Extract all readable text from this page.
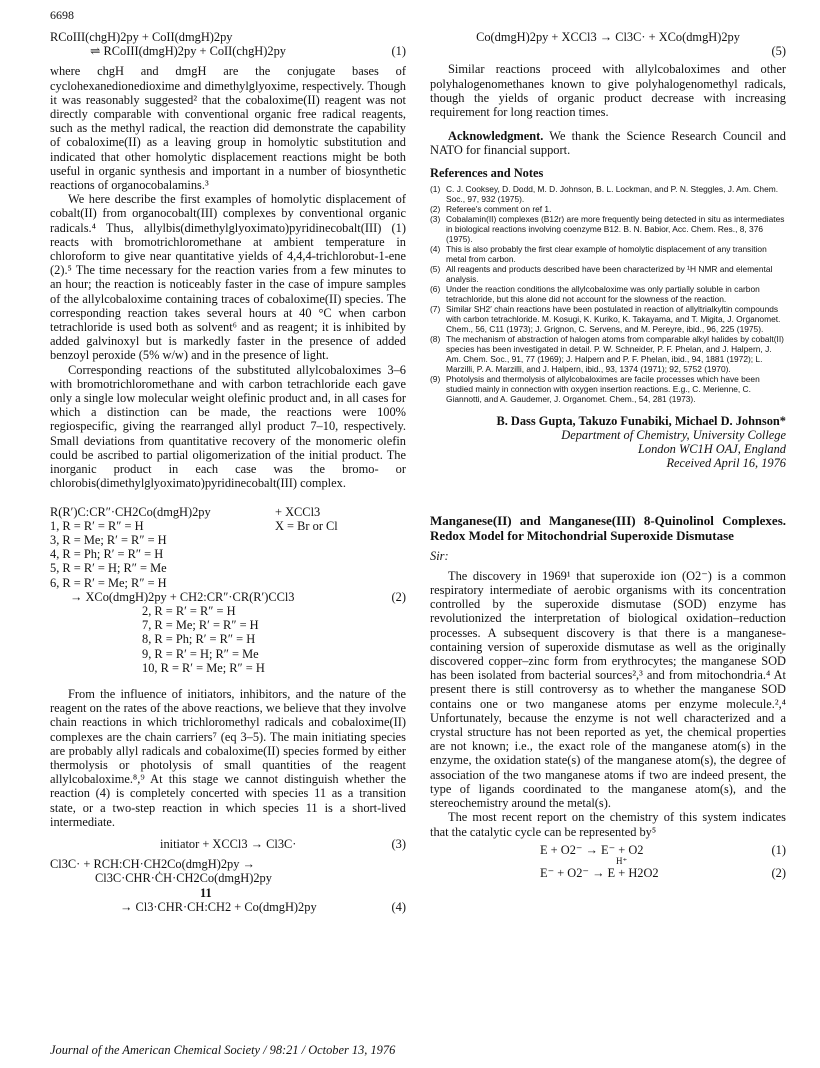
6698
RCoIII(chgH)2py + CoII(dmgH)2py
⇌ RCoIII(dmgH)2py + CoII(chgH)2py	(1)

where chgH and dmgH are the conjugate bases of cyclohexanedionedioxime and dimethylglyoxime, respectively. Though it was reasonably suggested² that the cobaloxime(II) reagent was not directly comparable with conventional organic free radical reagents, such as the methyl radical, the reaction did demonstrate the capability of cobaloxime(II) as a leaving group in homolytic substitution and indicated that other homolytic displacement reactions might be both useful in organic synthesis and important in a number of biosynthetic reactions of organocobalamins.³

We here describe the first examples of homolytic displacement of cobalt(II) from organocobalt(III) complexes by conventional organic radicals.⁴ Thus, allylbis(dimethylglyoximato)pyridinecobalt(III) (1) reacts with bromotrichloromethane at ambient temperature in chloroform to give near quantitative yields of 4,4,4-trichlorobut-1-ene (2).⁵ The time necessary for the reaction varies from a few minutes to an hour; the reaction is noticeably faster in the case of impure samples of the allylcobaloxime containing traces of cobaloxime(II) species. The corresponding reaction takes several hours at 40 °C when carbon tetrachloride is used both as solvent⁶ and as reagent; it is inhibited by added galvinoxyl but is markedly faster in the presence of added benzoyl peroxide (5% w/w) and in the presence of light.

Corresponding reactions of the substituted allylcobaloximes 3–6 with bromotrichloromethane and with carbon tetrachloride each gave only a single low molecular weight olefinic product and, in all cases for which a distinction can be made, the reactions were 100% regiospecific, giving the rearranged allyl product 7–10, respectively. Small deviations from quantitative recovery of the monomeric olefin could be ascribed to partial oligomerization of the initial product. The inorganic product in each case was the bromo- or chlorobis(dimethylglyoximato)pyridinecobalt(III) complex.

R(R′)C:CR″·CH2Co(dmgH)2py	+ XCCl3
1, R = R′ = R″ = H
3, R = Me; R′ = R″ = H
4, R = Ph; R′ = R″ = H
5, R = R′ = H; R″ = Me
6, R = R′ = Me; R″ = H
X = Br or Cl
→ XCo(dmgH)2py + CH2:CR″·CR(R′)CCl3	(2)
2, R = R′ = R″ = H
7, R = Me; R′ = R″ = H
8, R = Ph; R′ = R″ = H
9, R = R′ = H; R″ = Me
10, R = R′ = Me; R″ = H

From the influence of initiators, inhibitors, and the nature of the reagent on the rates of the above reactions, we believe that they involve chain reactions in which trichloromethyl radicals and cobaloxime(II) complexes are the chain carriers⁷ (eq 3–5). The main initiating species are probably allyl radicals and cobaloxime(II) species formed by either thermolysis or photolysis of small quantities of the reagent allylcobaloxime.⁸,⁹ At this stage we cannot distinguish whether the reaction (4) is completely concerted with species 11 as a transition state, or a two-step reaction in which species 11 is a short-lived intermediate.

initiator + XCCl3 → Cl3C·	(3)
Cl3C· + RCH:CH·CH2Co(dmgH)2py →
Cl3C·CHR·ĊH·CH2Co(dmgH)2py
11
→ Cl3·CHR·CH:CH2 + Co(dmgH)2py	(4)
Co(dmgH)2py + XCCl3 → Cl3C· + XCo(dmgH)2py
(5)

Similar reactions proceed with allylcobaloximes and other polyhalogenomethanes known to give polyhalogenomethyl radicals, though the yields of organic product decrease with increasing requirement for long reaction times.

Acknowledgment. We thank the Science Research Council and NATO for financial support.

References and Notes
(1) C. J. Cooksey, D. Dodd, M. D. Johnson, B. L. Lockman, and P. N. Steggles, J. Am. Chem. Soc., 97, 932 (1975).
(2) Referee's comment on ref 1.
(3) Cobalamin(II) complexes (B12r) are more frequently being detected in situ as intermediates in biological reactions involving coenzyme B12. B. N. Babior, Acc. Chem. Res., 8, 376 (1975).
(4) This is also probably the first clear example of homolytic displacement of any transition metal from carbon.
(5) All reagents and products described have been characterized by ¹H NMR and elemental analysis.
(6) Under the reaction conditions the allylcobaloxime was only partially soluble in carbon tetrachloride, but this alone did not account for the slowness of the reaction.
(7) Similar SH2′ chain reactions have been postulated in reaction of allyltrialkyltin compounds with carbon tetrachloride. M. Kosugi, K. Kuriko, K. Takayama, and T. Migita, J. Organomet. Chem., 56, C11 (1973); J. Grignon, C. Servens, and M. Pereyre, ibid., 96, 225 (1975).
(8) The mechanism of abstraction of halogen atoms from comparable alkyl halides by cobalt(II) species has been investigated in detail. P. W. Schneider, P. F. Phelan, and J. Halpern, J. Am. Chem. Soc., 91, 77 (1969); J. Halpern and P. F. Phelan, ibid., 94, 1881 (1972); L. Marzilli, P. A. Marzilli, and J. Halpern, ibid., 93, 1374 (1971); 92, 5752 (1970).
(9) Photolysis and thermolysis of allylcobaloximes are facile processes which have been studied mainly in connection with oxygen insertion reactions. E.g., C. Merienne, C. Giannotti, and A. Gaudemer, J. Organomet. Chem., 54, 281 (1973).
B. Dass Gupta, Takuzo Funabiki, Michael D. Johnson*
Department of Chemistry, University College
London WC1H OAJ, England
Received April 16, 1976
Manganese(II) and Manganese(III) 8-Quinolinol Complexes. Redox Model for Mitochondrial Superoxide Dismutase
Sir:

The discovery in 1969¹ that superoxide ion (O2⁻) is a common respiratory intermediate of aerobic organisms with its concentration controlled by the superoxide dismutase (SOD) enzyme has revolutionized the interpretation of biological oxidation–reduction processes. A subsequent discovery is that there is a manganese-containing version of superoxide dismutase as well as the originally discovered copper–zinc form from erythrocytes; the manganese SOD has been isolated from bacterial sources²,³ and from mitochondria.⁴ At present there is still controversy as to whether the manganese SOD contains one or two manganese atoms per enzyme molecule.²,⁴ Unfortunately, because the enzyme is not well characterized and a crystal structure has not been reported as yet, the chemical properties are not known; i.e., the exact role of the manganese atom(s) in the enzyme, the oxidation state(s) of the manganese atom(s), the degree of association of the two manganese atoms if two are indeed present, the type of ligands coordinated to the manganese atom(s), and the stereochemistry around the metal(s).

The most recent report on the chemistry of this system indicates that the catalytic cycle can be represented by⁵

E + O2⁻ → E⁻ + O2	(1)
H⁺
E⁻ + O2⁻ → E + H2O2	(2)
Journal of the American Chemical Society / 98:21 / October 13, 1976
